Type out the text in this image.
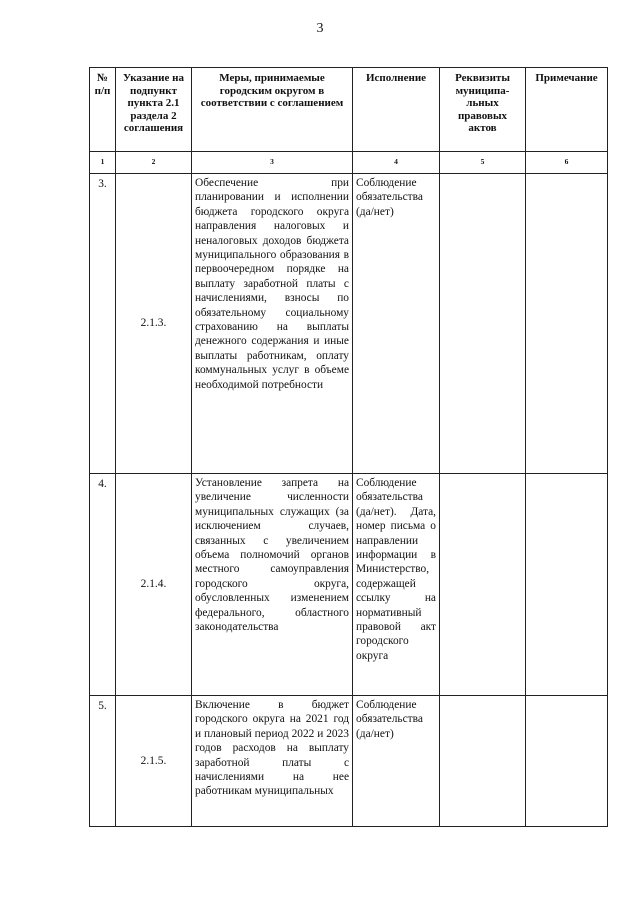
3
№ п/п	Указание на подпункт пункта 2.1 раздела 2 соглашения	Меры, принимаемые городским округом в соответствии с соглашением	Исполнение	Реквизиты муниципа-льных правовых актов	Примечание
1	2	3	4	5	6
3.	2.1.3.	Обеспечение при планировании и исполнении бюджета городского округа направления налоговых и неналоговых доходов бюджета муниципального образования в первоочередном порядке на выплату заработной платы с начислениями, взносы по обязательному социальному страхованию на выплаты денежного содержания и иные выплаты работникам, оплату коммунальных услуг в объеме необходимой потребности	Соблюдение обязательства (да/нет)		
4.	2.1.4.	Установление запрета на увеличение численности муниципальных служащих (за исключением случаев, связанных с увеличением объема полномочий органов местного самоуправления городского округа, обусловленных изменением федерального, областного законодательства	Соблюдение обязательства (да/нет). Дата, номер письма о направлении информации в Министерство, содержащей ссылку на нормативный правовой акт городского округа		
5.	2.1.5.	Включение в бюджет городского округа на 2021 год и плановый период 2022 и 2023 годов расходов на выплату заработной платы с начислениями на нее работникам муниципальных	Соблюдение обязательства (да/нет)		
